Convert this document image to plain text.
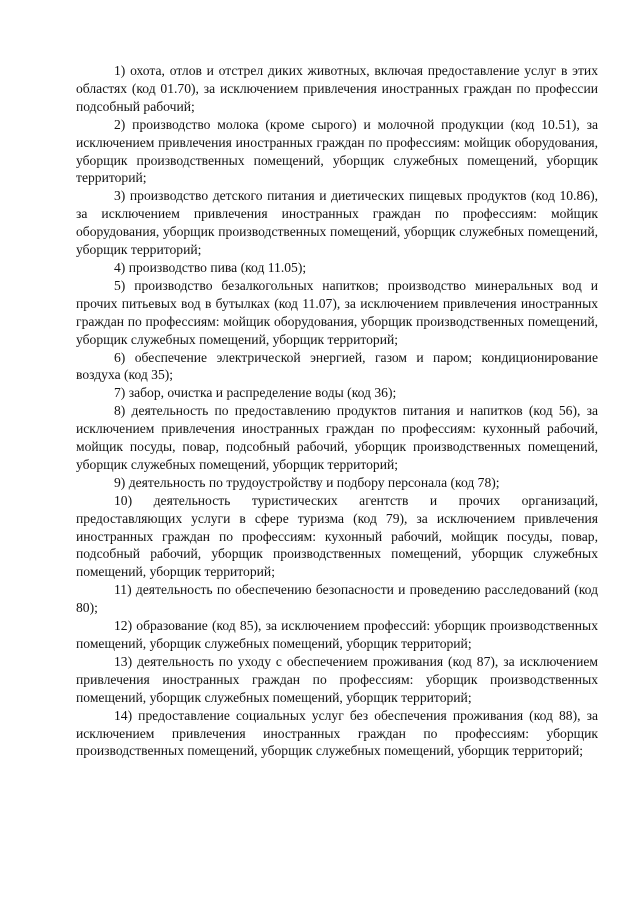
1) охота, отлов и отстрел диких животных, включая предоставление услуг в этих областях (код 01.70), за исключением привлечения иностранных граждан по профессии подсобный рабочий;

2) производство молока (кроме сырого) и молочной продукции (код 10.51), за исключением привлечения иностранных граждан по профессиям: мойщик оборудования, уборщик производственных помещений, уборщик служебных помещений, уборщик территорий;

3) производство детского питания и диетических пищевых продуктов (код 10.86), за исключением привлечения иностранных граждан по профессиям: мойщик оборудования, уборщик производственных помещений, уборщик служебных помещений, уборщик территорий;

4) производство пива (код 11.05);

5) производство безалкогольных напитков; производство минеральных вод и прочих питьевых вод в бутылках (код 11.07), за исключением привлечения иностранных граждан по профессиям: мойщик оборудования, уборщик производственных помещений, уборщик служебных помещений, уборщик территорий;

6) обеспечение электрической энергией, газом и паром; кондиционирование воздуха (код 35);

7) забор, очистка и распределение воды (код 36);

8) деятельность по предоставлению продуктов питания и напитков (код 56), за исключением привлечения иностранных граждан по профессиям: кухонный рабочий, мойщик посуды, повар, подсобный рабочий, уборщик производственных помещений, уборщик служебных помещений, уборщик территорий;

9) деятельность по трудоустройству и подбору персонала (код 78);

10) деятельность туристических агентств и прочих организаций, предоставляющих услуги в сфере туризма (код 79), за исключением привлечения иностранных граждан по профессиям: кухонный рабочий, мойщик посуды, повар, подсобный рабочий, уборщик производственных помещений, уборщик служебных помещений, уборщик территорий;

11) деятельность по обеспечению безопасности и проведению расследований (код 80);

12) образование (код 85), за исключением профессий: уборщик производственных помещений, уборщик служебных помещений, уборщик территорий;

13) деятельность по уходу с обеспечением проживания (код 87), за исключением привлечения иностранных граждан по профессиям: уборщик производственных помещений, уборщик служебных помещений, уборщик территорий;

14) предоставление социальных услуг без обеспечения проживания (код 88), за исключением привлечения иностранных граждан по профессиям: уборщик производственных помещений, уборщик служебных помещений, уборщик территорий;
